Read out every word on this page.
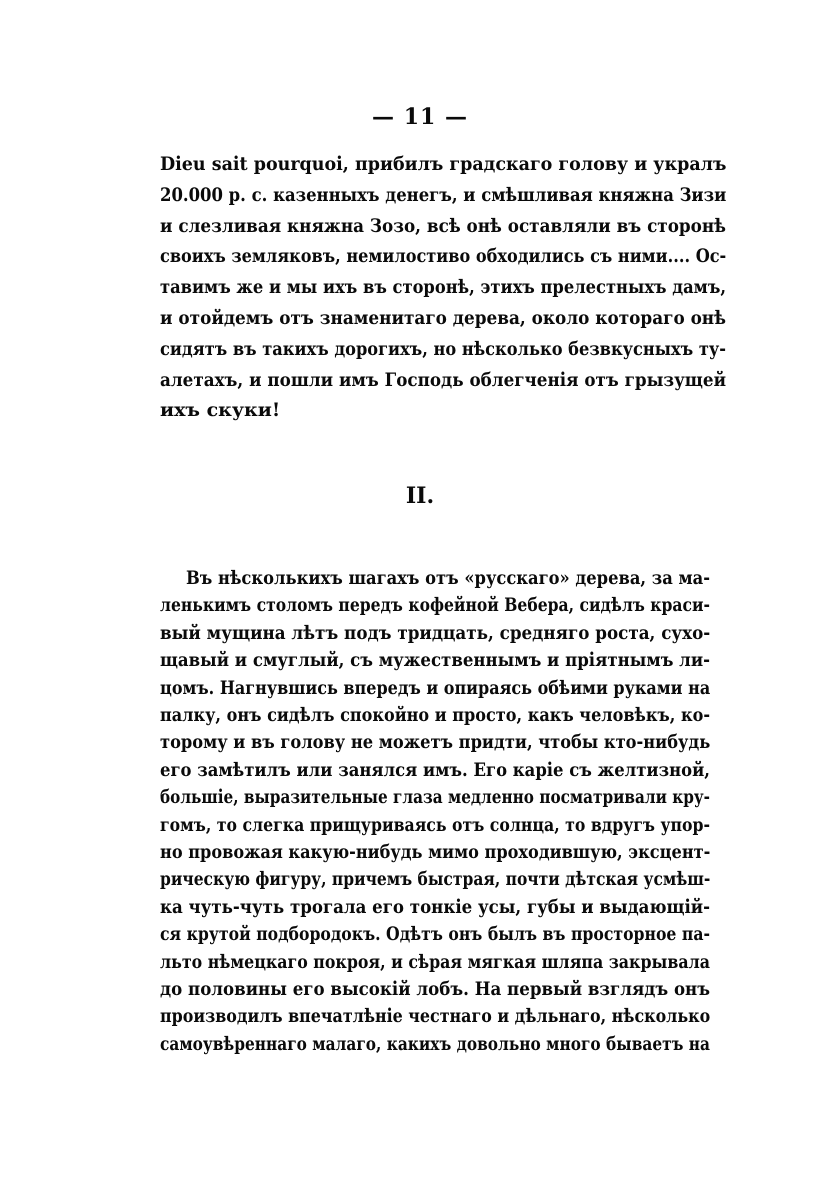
— 11 —
Dieu sait pourquoi, прибилъ градскаго голову и укралъ
20.000 р. с. казенныхъ денегъ, и смѣшливая княжна Зизи
и слезливая княжна Зозо, всѣ онѣ оставляли въ сторонѣ
своихъ земляковъ, немилостиво обходились съ ними.... Ос-
тавимъ же и мы ихъ въ сторонѣ, этихъ прелестныхъ дамъ,
и отойдемъ отъ знаменитаго дерева, около котораго онѣ
сидятъ въ такихъ дорогихъ, но нѣсколько безвкусныхъ ту-
алетахъ, и пошли имъ Господь облегченія отъ грызущей
ихъ скуки!
II.
Въ нѣсколькихъ шагахъ отъ «русскаго» дерева, за ма-
ленькимъ столомъ передъ кофейной Вебера, сидѣлъ краси-
вый мущина лѣтъ подъ тридцать, средняго роста, сухо-
щавый и смуглый, съ мужественнымъ и пріятнымъ ли-
цомъ. Нагнувшись впередъ и опираясь обѣими руками на
палку, онъ сидѣлъ спокойно и просто, какъ человѣкъ, ко-
торому и въ голову не можетъ придти, чтобы кто-нибудь
его замѣтилъ или занялся имъ. Его каріе съ желтизной,
большіе, выразительные глаза медленно посматривали кру-
гомъ, то слегка прищуриваясь отъ солнца, то вдругъ упор-
но провожая какую-нибудь мимо проходившую, эксцент-
рическую фигуру, причемъ быстрая, почти дѣтская усмѣш-
ка чуть-чуть трогала его тонкіе усы, губы и выдающій-
ся крутой подбородокъ. Одѣтъ онъ былъ въ просторное па-
льто нѣмецкаго покроя, и сѣрая мягкая шляпа закрывала
до половины его высокій лобъ. На первый взглядъ онъ
производилъ впечатлѣніе честнаго и дѣльнаго, нѣсколько
самоувѣреннаго малаго, какихъ довольно много бываетъ на
